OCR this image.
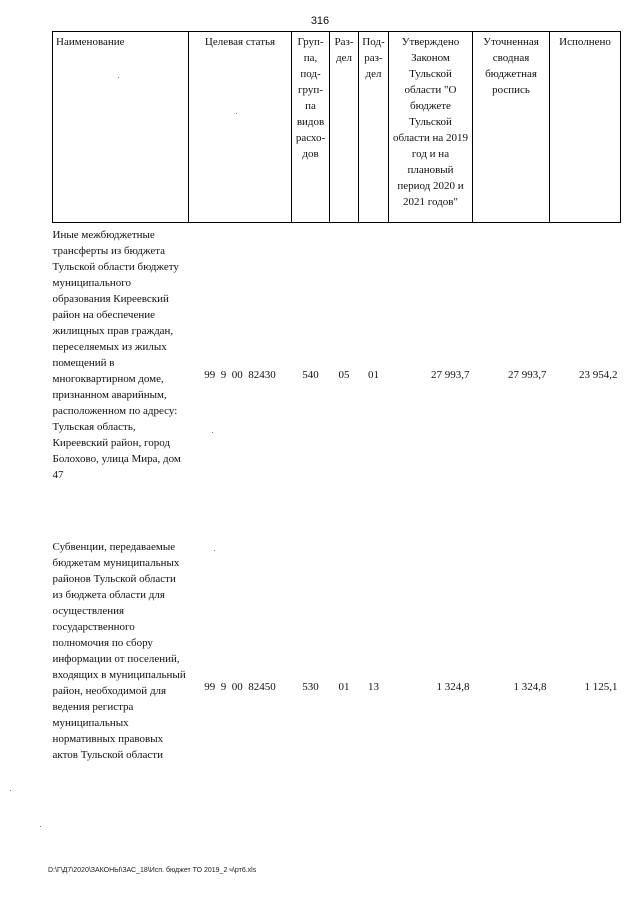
316
Наименование	Целевая статья	Груп-па, под-груп-па видов расхо-дов	Раз-дел	Под-раз-дел	Утверждено Законом Тульской области "О бюджете Тульской области на 2019 год и на плановый период 2020 и 2021 годов"	Уточненная сводная бюджетная роспись	Исполнено
Иные межбюджетные трансферты из бюджета Тульской области бюджету муниципального образования Киреевский район на обеспечение жилищных прав граждан, переселяемых из жилых помещений в многоквартирном доме, признанном аварийным, расположенном по адресу: Тульская область, Киреевский район, город Болохово, улица Мира, дом 47	99  9  00  82430	540	05	01	27 993,7	27 993,7	23 954,2
Субвенции, передаваемые бюджетам муниципальных районов Тульской области из бюджета области для осуществления государственного полномочия по сбору информации от поселений, входящих в муниципальный район, необходимой для ведения регистра муниципальных нормативных правовых актов Тульской области	99  9  00  82450	530	01	13	1 324,8	1 324,8	1 125,1
D:\Г\Д7\2020\ЗАКОНЫ\ЗАС_18\Исп. бюджет ТО 2019_2 ч\рт6.xls
